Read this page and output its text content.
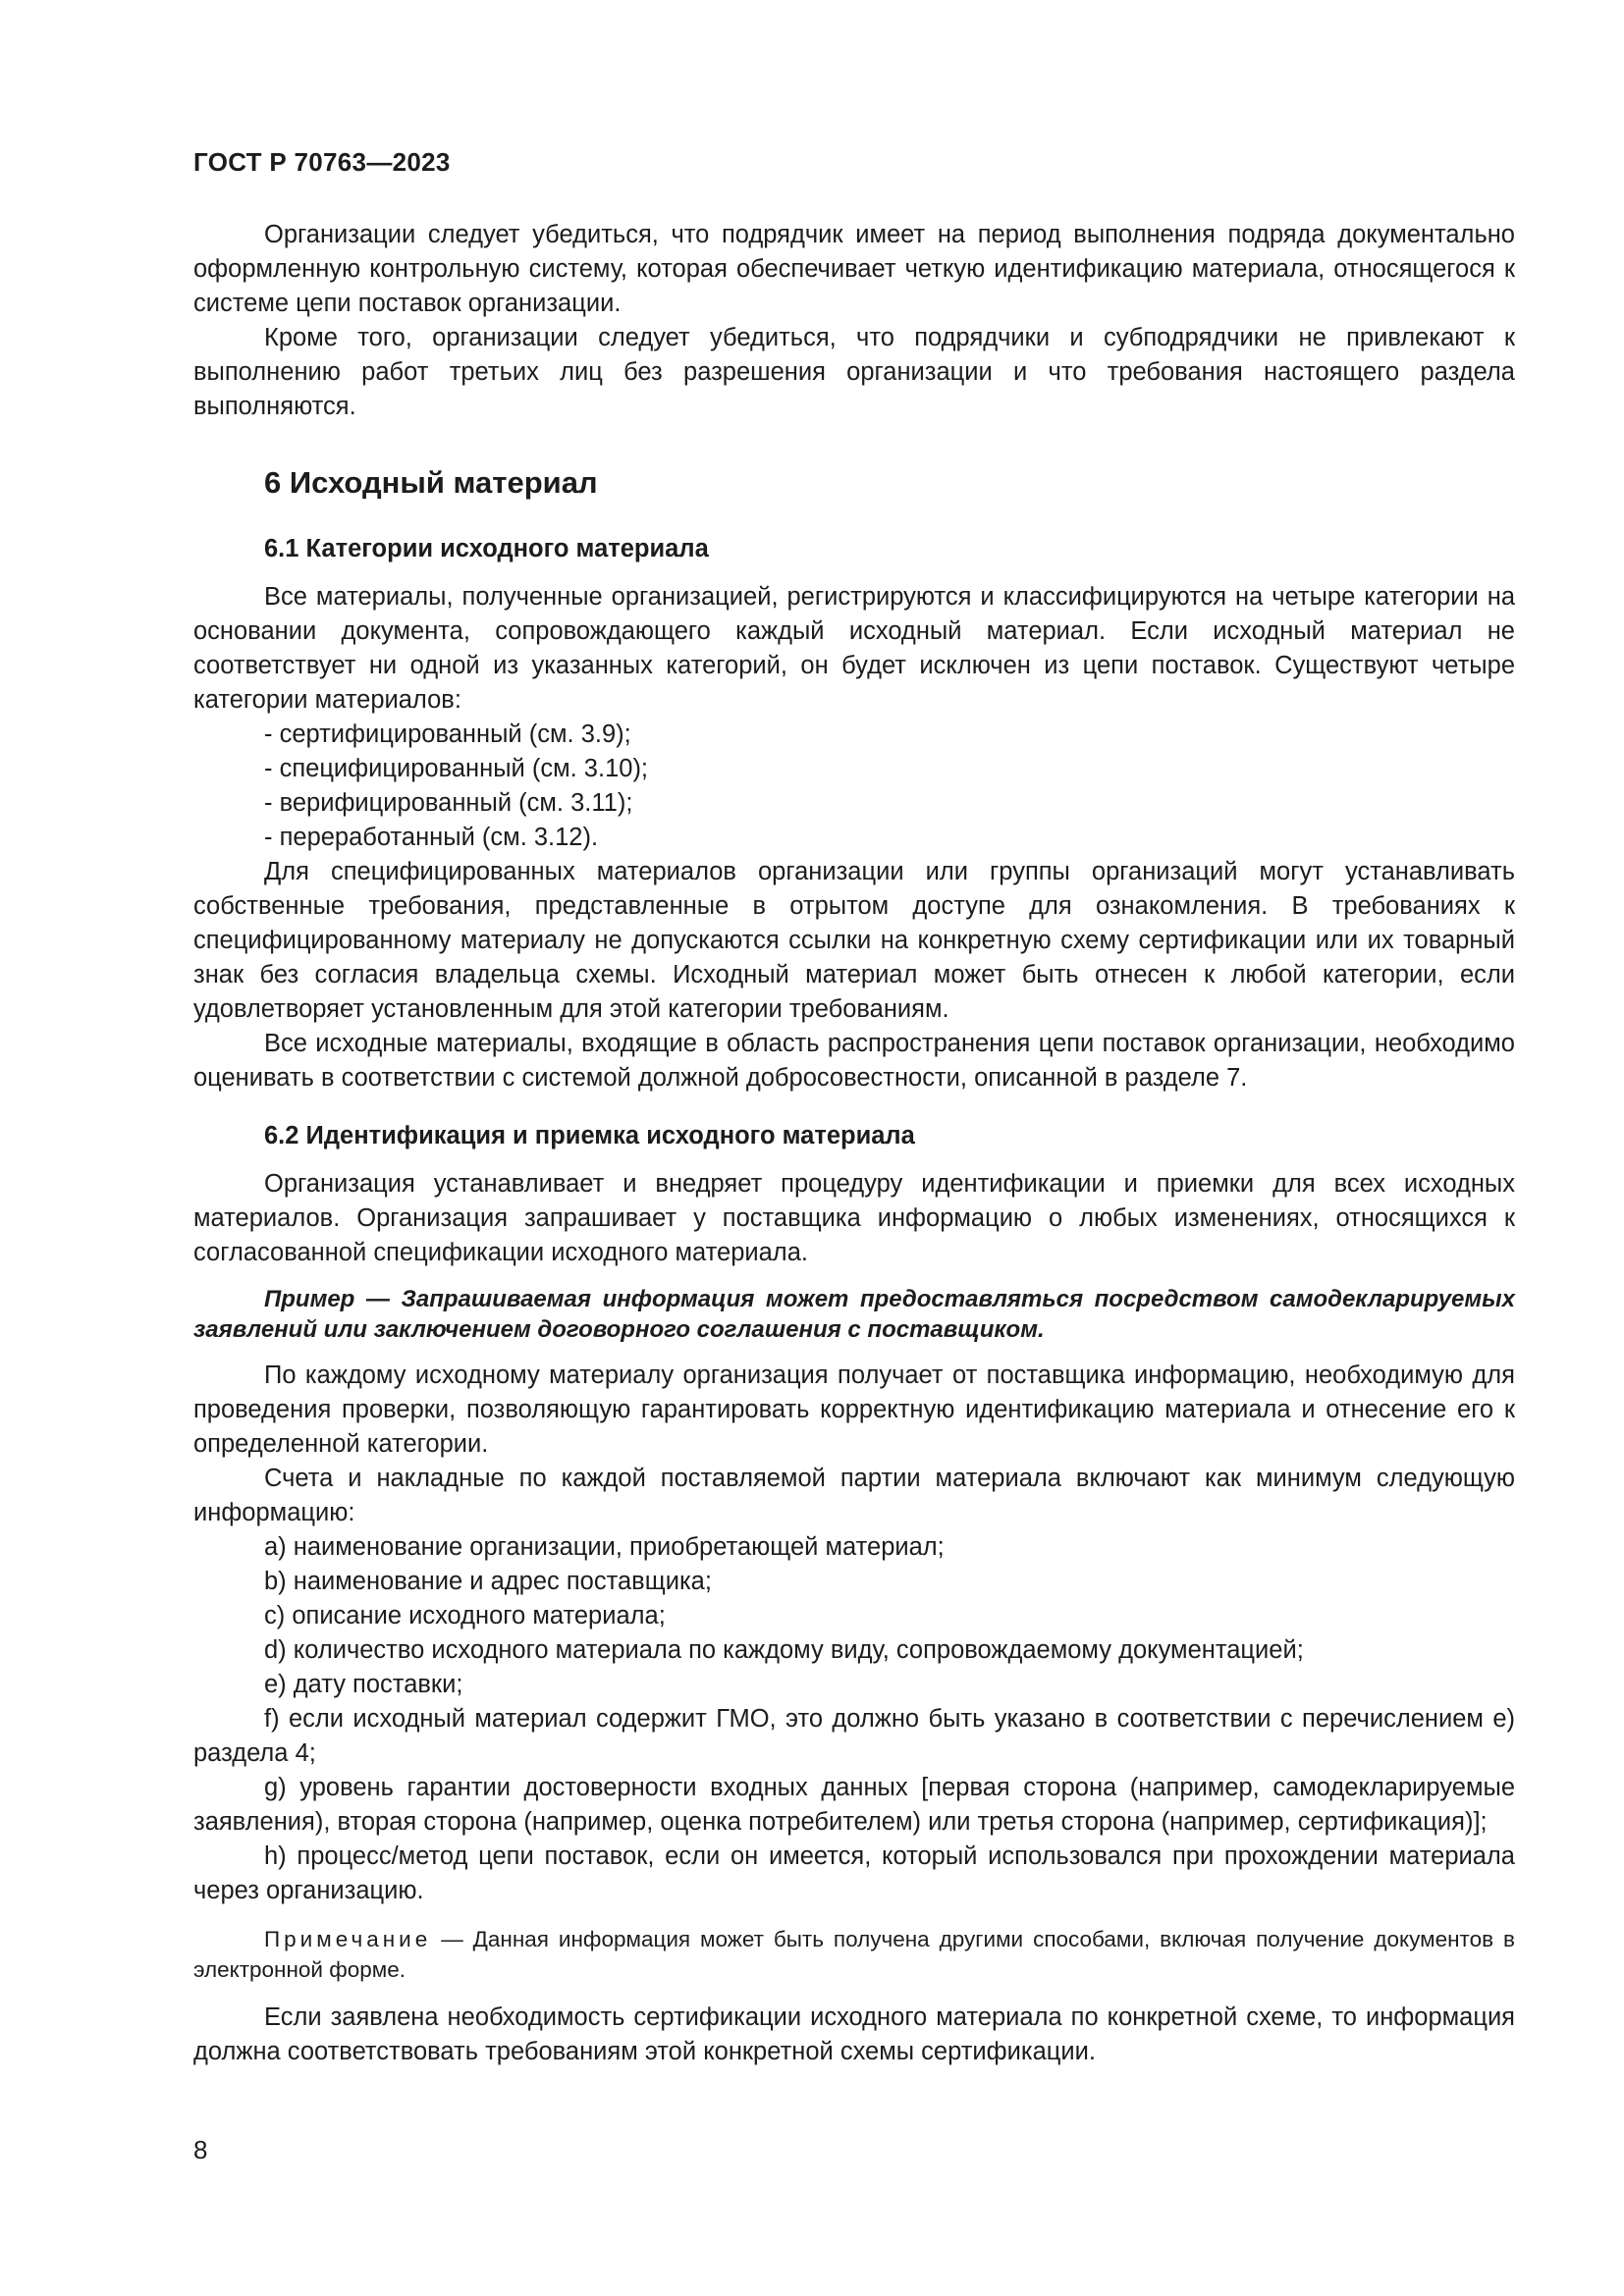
ГОСТ Р 70763—2023

Организации следует убедиться, что подрядчик имеет на период выполнения подряда документально оформленную контрольную систему, которая обеспечивает четкую идентификацию материала, относящегося к системе цепи поставок организации.

Кроме того, организации следует убедиться, что подрядчики и субподрядчики не привлекают к выполнению работ третьих лиц без разрешения организации и что требования настоящего раздела выполняются.

6 Исходный материал
6.1 Категории исходного материала

Все материалы, полученные организацией, регистрируются и классифицируются на четыре категории на основании документа, сопровождающего каждый исходный материал. Если исходный материал не соответствует ни одной из указанных категорий, он будет исключен из цепи поставок. Существуют четыре категории материалов:

- сертифицированный (см. 3.9);
- специфицированный (см. 3.10);
- верифицированный (см. 3.11);
- переработанный (см. 3.12).

Для специфицированных материалов организации или группы организаций могут устанавливать собственные требования, представленные в отрытом доступе для ознакомления. В требованиях к специфицированному материалу не допускаются ссылки на конкретную схему сертификации или их товарный знак без согласия владельца схемы. Исходный материал может быть отнесен к любой категории, если удовлетворяет установленным для этой категории требованиям.

Все исходные материалы, входящие в область распространения цепи поставок организации, необходимо оценивать в соответствии с системой должной добросовестности, описанной в разделе 7.

6.2 Идентификация и приемка исходного материала

Организация устанавливает и внедряет процедуру идентификации и приемки для всех исходных материалов. Организация запрашивает у поставщика информацию о любых изменениях, относящихся к согласованной спецификации исходного материала.

Пример — Запрашиваемая информация может предоставляться посредством самодекларируемых заявлений или заключением договорного соглашения с поставщиком.

По каждому исходному материалу организация получает от поставщика информацию, необходимую для проведения проверки, позволяющую гарантировать корректную идентификацию материала и отнесение его к определенной категории.

Счета и накладные по каждой поставляемой партии материала включают как минимум следующую информацию:

a) наименование организации, приобретающей материал;
b) наименование и адрес поставщика;
c) описание исходного материала;
d) количество исходного материала по каждому виду, сопровождаемому документацией;
e) дату поставки;
f) если исходный материал содержит ГМО, это должно быть указано в соответствии с перечислением е) раздела 4;
g) уровень гарантии достоверности входных данных [первая сторона (например, самодекларируемые заявления), вторая сторона (например, оценка потребителем) или третья сторона (например, сертификация)];
h) процесс/метод цепи поставок, если он имеется, который использовался при прохождении материала через организацию.

Примечание — Данная информация может быть получена другими способами, включая получение документов в электронной форме.

Если заявлена необходимость сертификации исходного материала по конкретной схеме, то информация должна соответствовать требованиям этой конкретной схемы сертификации.

8
